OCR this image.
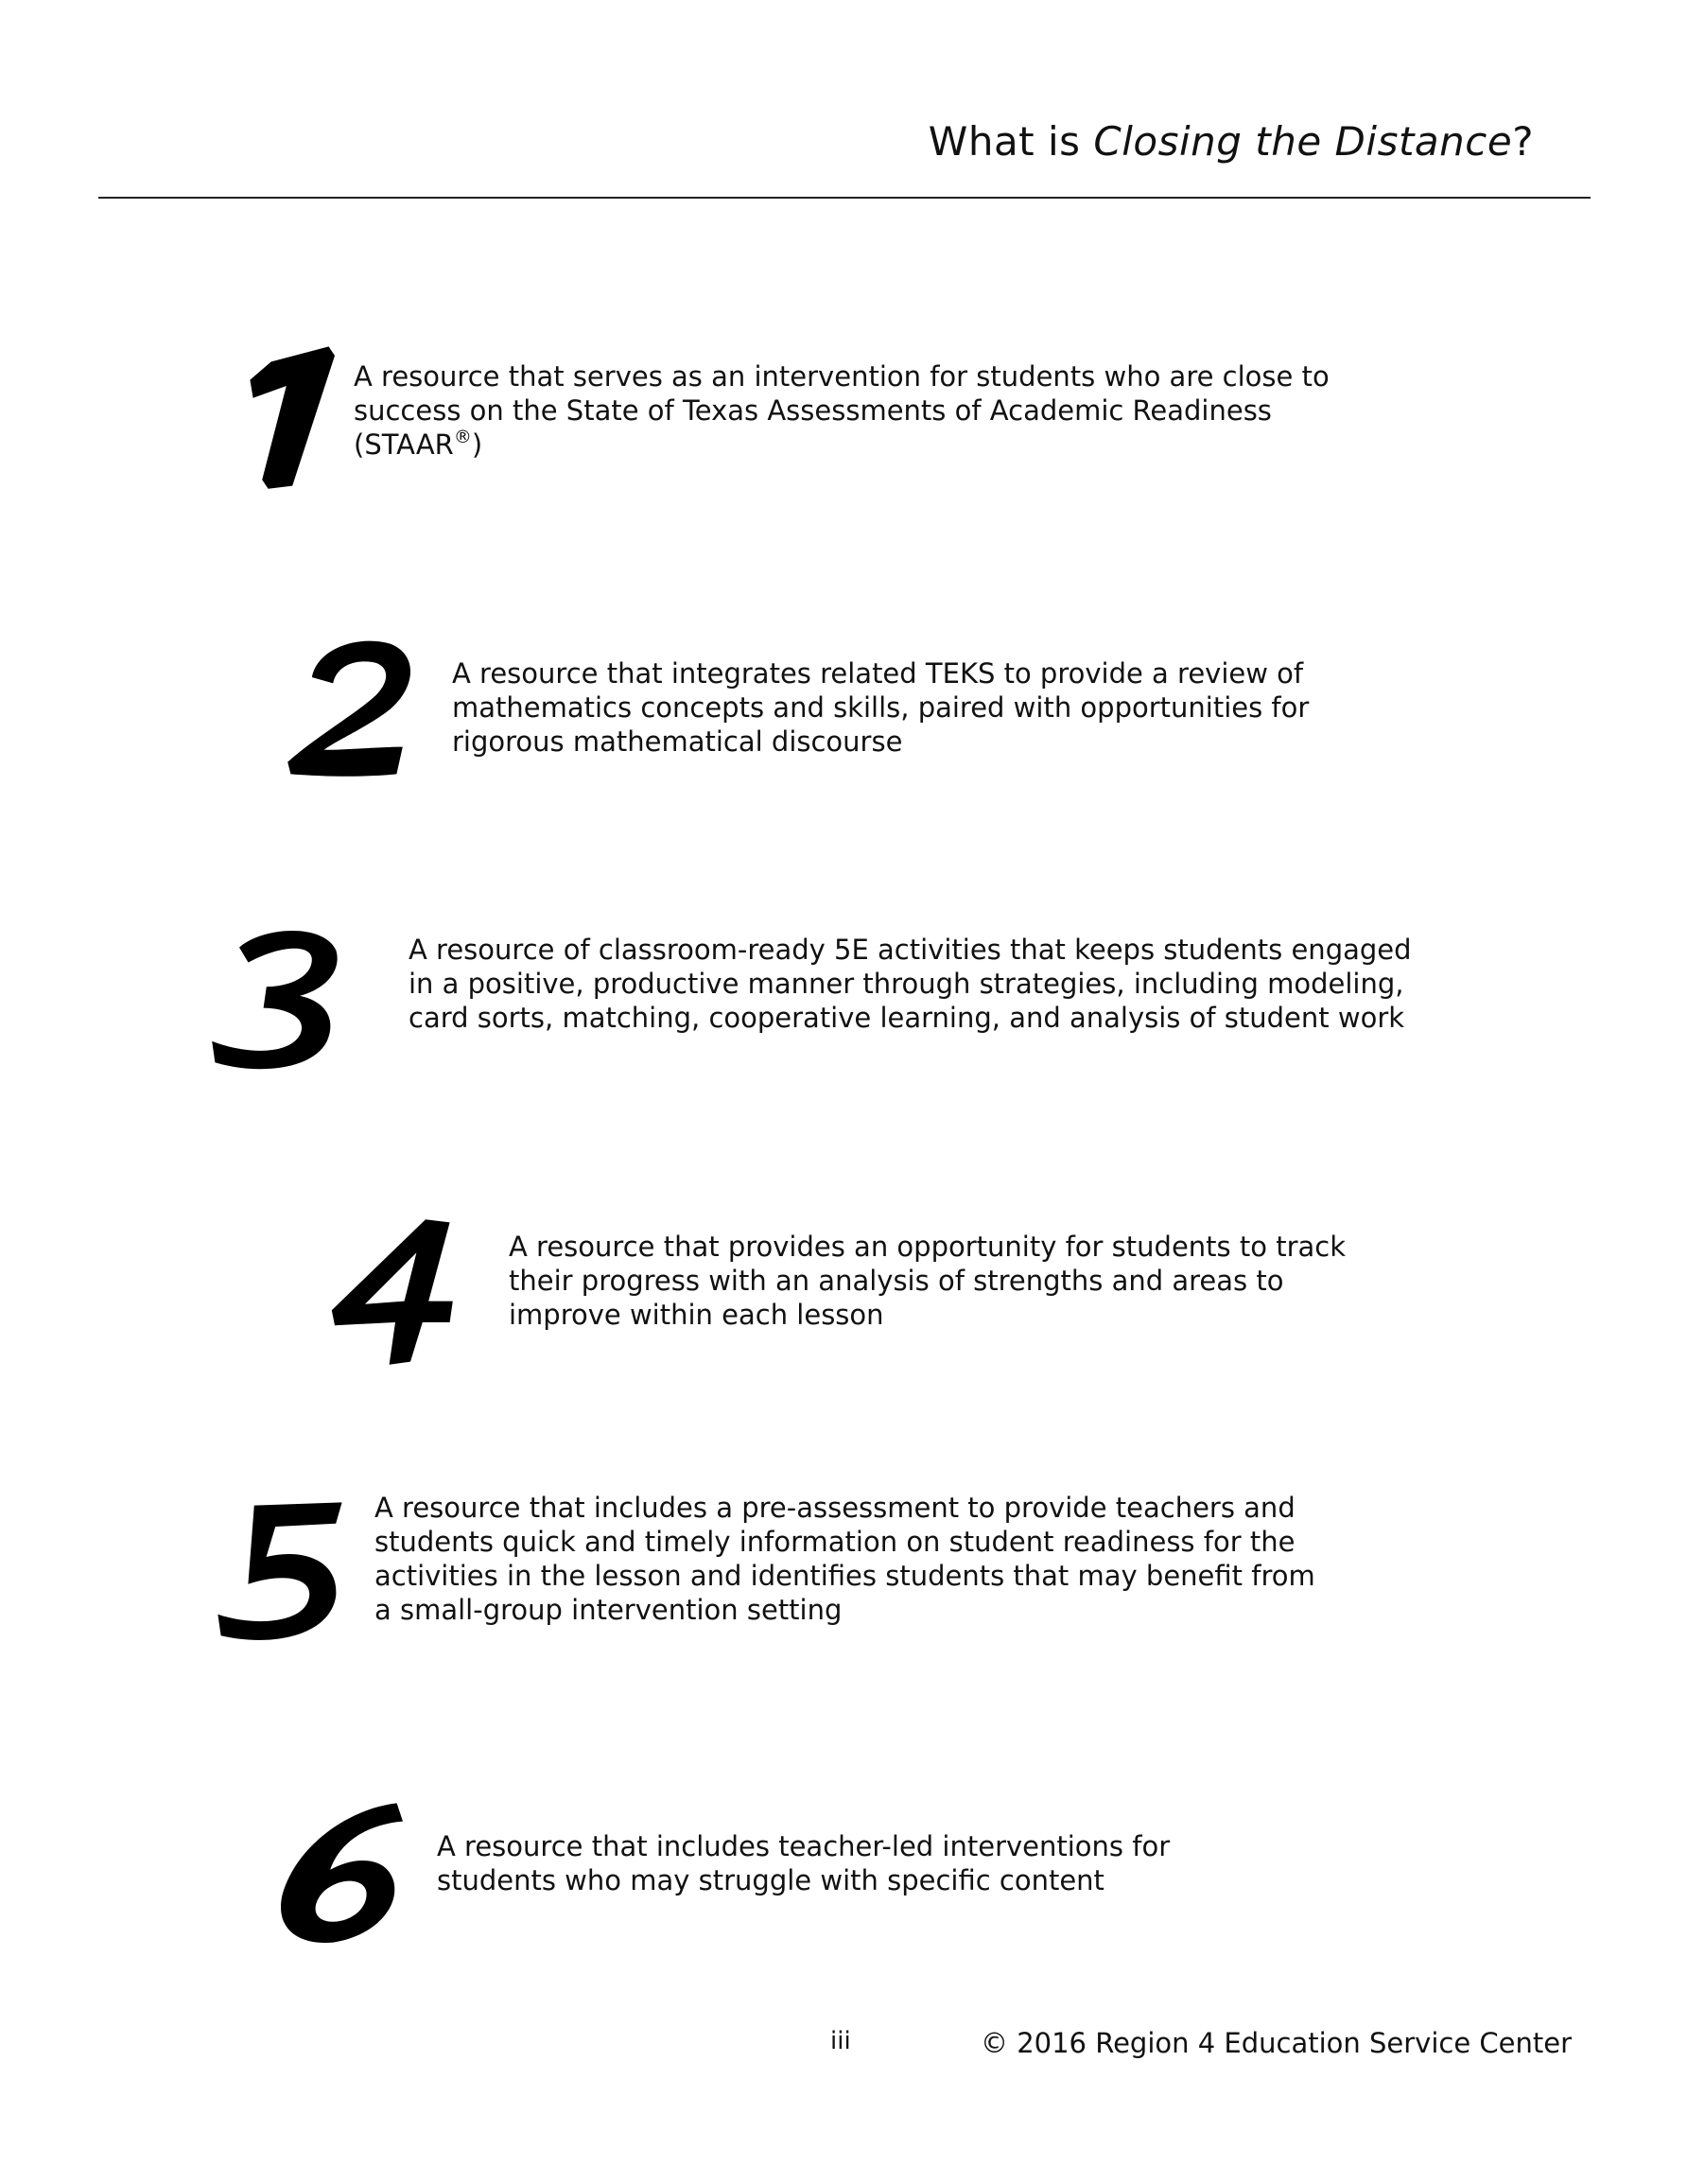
What is Closing the Distance?
A resource that serves as an intervention for students who are close to
success on the State of Texas Assessments of Academic Readiness
(STAAR®)
A resource that integrates related TEKS to provide a review of
mathematics concepts and skills, paired with opportunities for
rigorous mathematical discourse
A resource of classroom-ready 5E activities that keeps students engaged
in a positive, productive manner through strategies, including modeling,
card sorts, matching, cooperative learning, and analysis of student work
A resource that provides an opportunity for students to track
their progress with an analysis of strengths and areas to
improve within each lesson
A resource that includes a pre-assessment to provide teachers and
students quick and timely information on student readiness for the
activities in the lesson and identifies students that may benefit from
a small-group intervention setting
A resource that includes teacher-led interventions for
students who may struggle with specific content
iii	© 2016 Region 4 Education Service Center
